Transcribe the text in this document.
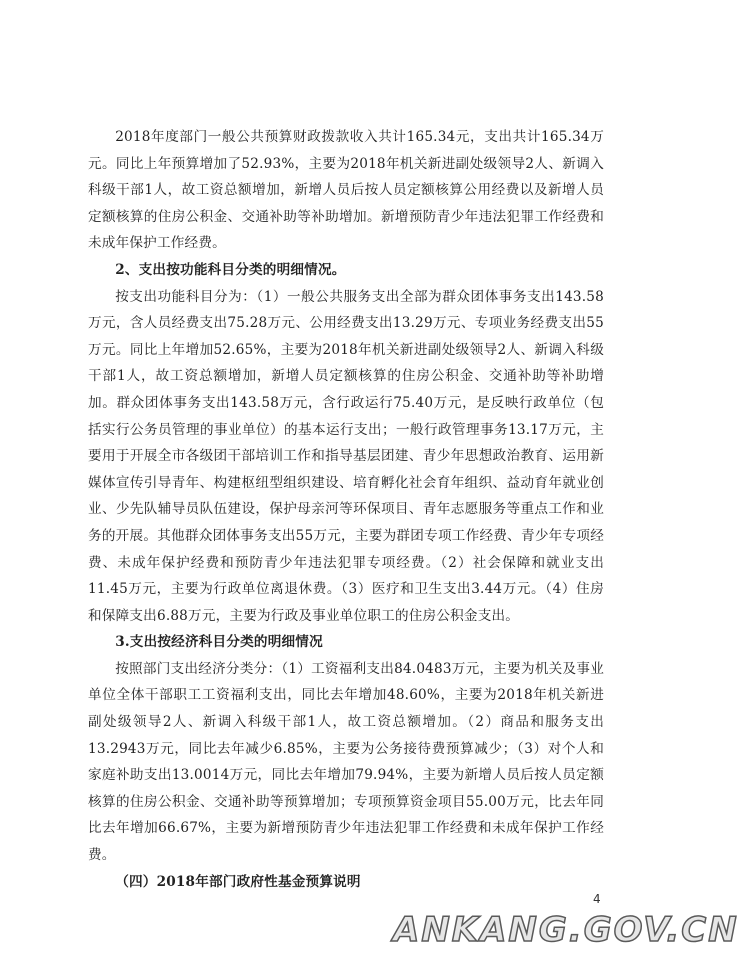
2018年度部门一般公共预算财政拨款收入共计165.34元，支出共计165.34万元。同比上年预算增加了52.93%，主要为2018年机关新进副处级领导2人、新调入科级干部1人，故工资总额增加，新增人员后按人员定额核算公用经费以及新增人员定额核算的住房公积金、交通补助等补助增加。新增预防青少年违法犯罪工作经费和未成年保护工作经费。

2、支出按功能科目分类的明细情况。

按支出功能科目分为：（1）一般公共服务支出全部为群众团体事务支出143.58万元，含人员经费支出75.28万元、公用经费支出13.29万元、专项业务经费支出55万元。同比上年增加52.65%，主要为2018年机关新进副处级领导2人、新调入科级干部1人，故工资总额增加，新增人员定额核算的住房公积金、交通补助等补助增加。群众团体事务支出143.58万元，含行政运行75.40万元，是反映行政单位（包括实行公务员管理的事业单位）的基本运行支出；一般行政管理事务13.17万元，主要用于开展全市各级团干部培训工作和指导基层团建、青少年思想政治教育、运用新媒体宣传引导青年、构建枢纽型组织建设、培育孵化社会育年组织、益动育年就业创业、少先队辅导员队伍建设，保护母亲河等环保项目、青年志愿服务等重点工作和业务的开展。其他群众团体事务支出55万元，主要为群团专项工作经费、青少年专项经费、未成年保护经费和预防青少年违法犯罪专项经费。（2）社会保障和就业支出11.45万元，主要为行政单位离退休费。（3）医疗和卫生支出3.44万元。（4）住房和保障支出6.88万元，主要为行政及事业单位职工的住房公积金支出。

3.支出按经济科目分类的明细情况

按照部门支出经济分类分：（1）工资福利支出84.0483万元，主要为机关及事业单位全体干部职工工资福利支出，同比去年增加48.60%，主要为2018年机关新进副处级领导2人、新调入科级干部1人，故工资总额增加。（2）商品和服务支出13.2943万元，同比去年减少6.85%，主要为公务接待费预算减少；（3）对个人和家庭补助支出13.0014万元，同比去年增加79.94%，主要为新增人员后按人员定额核算的住房公积金、交通补助等预算增加；专项预算资金项目55.00万元，比去年同比去年增加66.67%，主要为新增预防青少年违法犯罪工作经费和未成年保护工作经费。

（四）2018年部门政府性基金预算说明

4
ANKANG.GOV.CN
